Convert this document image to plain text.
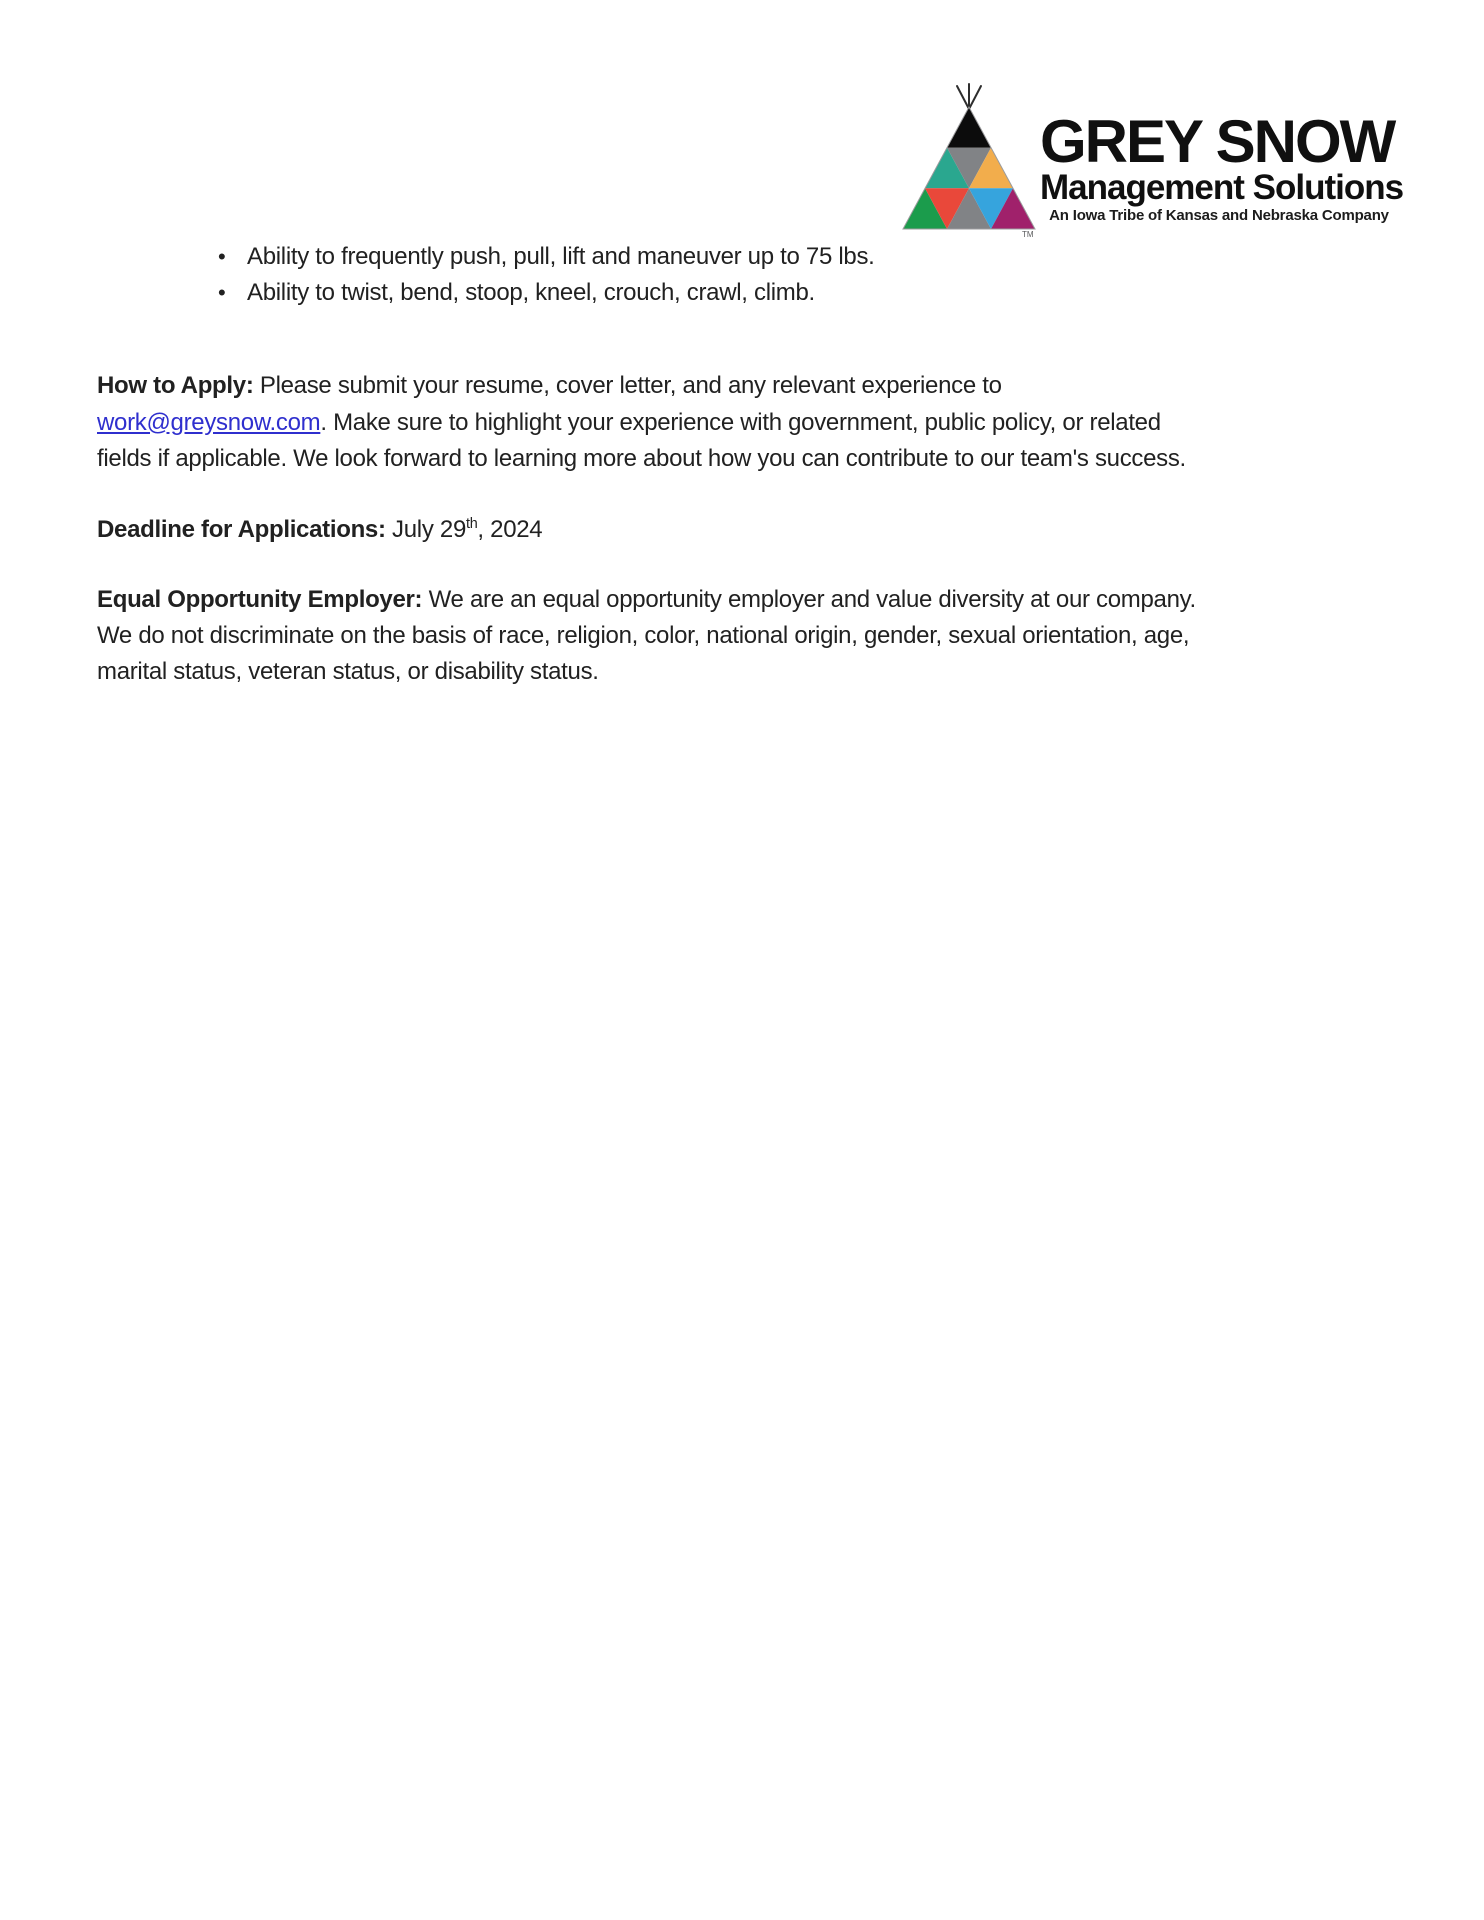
TM
GREY SNOW
Management Solutions
An Iowa Tribe of Kansas and Nebraska Company
• Ability to frequently push, pull, lift and maneuver up to 75 lbs.
• Ability to twist, bend, stoop, kneel, crouch, crawl, climb.
How to Apply: Please submit your resume, cover letter, and any relevant experience to
work@greysnow.com. Make sure to highlight your experience with government, public policy, or related
fields if applicable. We look forward to learning more about how you can contribute to our team's success.
Deadline for Applications: July 29th, 2024
Equal Opportunity Employer: We are an equal opportunity employer and value diversity at our company.
We do not discriminate on the basis of race, religion, color, national origin, gender, sexual orientation, age,
marital status, veteran status, or disability status.
